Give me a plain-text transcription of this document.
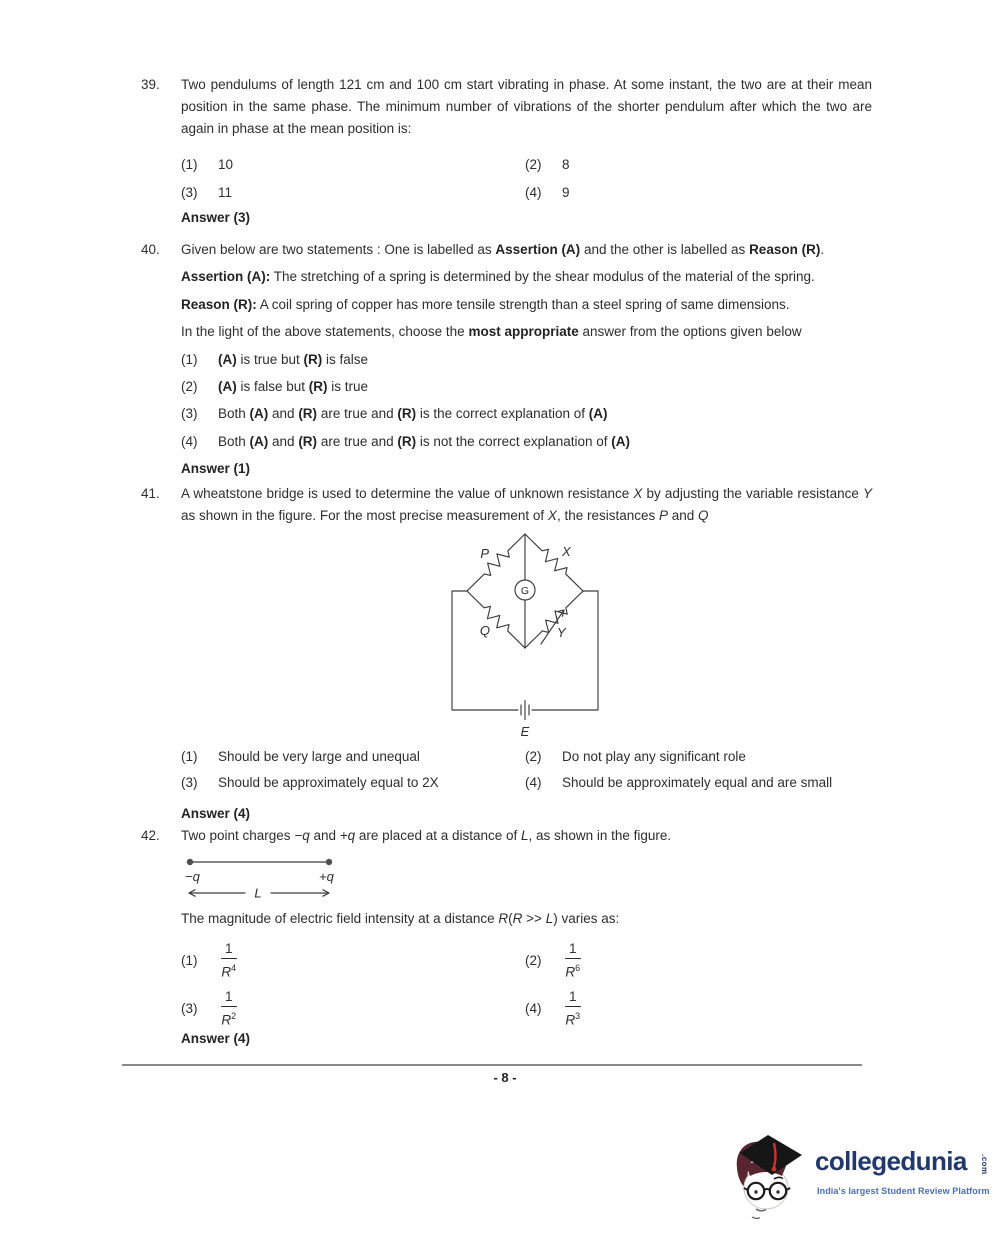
39. Two pendulums of length 121 cm and 100 cm start vibrating in phase. At some instant, the two are at their mean position in the same phase. The minimum number of vibrations of the shorter pendulum after which the two are again in phase at the mean position is:
(1) 10	(2) 8
(3) 11	(4) 9
Answer (3)
40. Given below are two statements : One is labelled as Assertion (A) and the other is labelled as Reason (R).
Assertion (A): The stretching of a spring is determined by the shear modulus of the material of the spring.
Reason (R): A coil spring of copper has more tensile strength than a steel spring of same dimensions.
In the light of the above statements, choose the most appropriate answer from the options given below
(1) (A) is true but (R) is false
(2) (A) is false but (R) is true
(3) Both (A) and (R) are true and (R) is the correct explanation of (A)
(4) Both (A) and (R) are true and (R) is not the correct explanation of (A)
Answer (1)
41. A wheatstone bridge is used to determine the value of unknown resistance X by adjusting the variable resistance Y as shown in the figure. For the most precise measurement of X, the resistances P and Q
G
P	X
Q	Y
E
(1) Should be very large and unequal	(2) Do not play any significant role
(3) Should be approximately equal to 2X	(4) Should be approximately equal and are small
Answer (4)
42. Two point charges −q and +q are placed at a distance of L, as shown in the figure.
−q	+q
L
The magnitude of electric field intensity at a distance R(R >> L) varies as:
(1)	$\frac{1}{R^4}$	(2)	$\frac{1}{R^6}$
(3)	$\frac{1}{R^2}$	(4)	$\frac{1}{R^3}$
Answer (4)
- 8 -
collegedunia .com
India's largest Student Review Platform
